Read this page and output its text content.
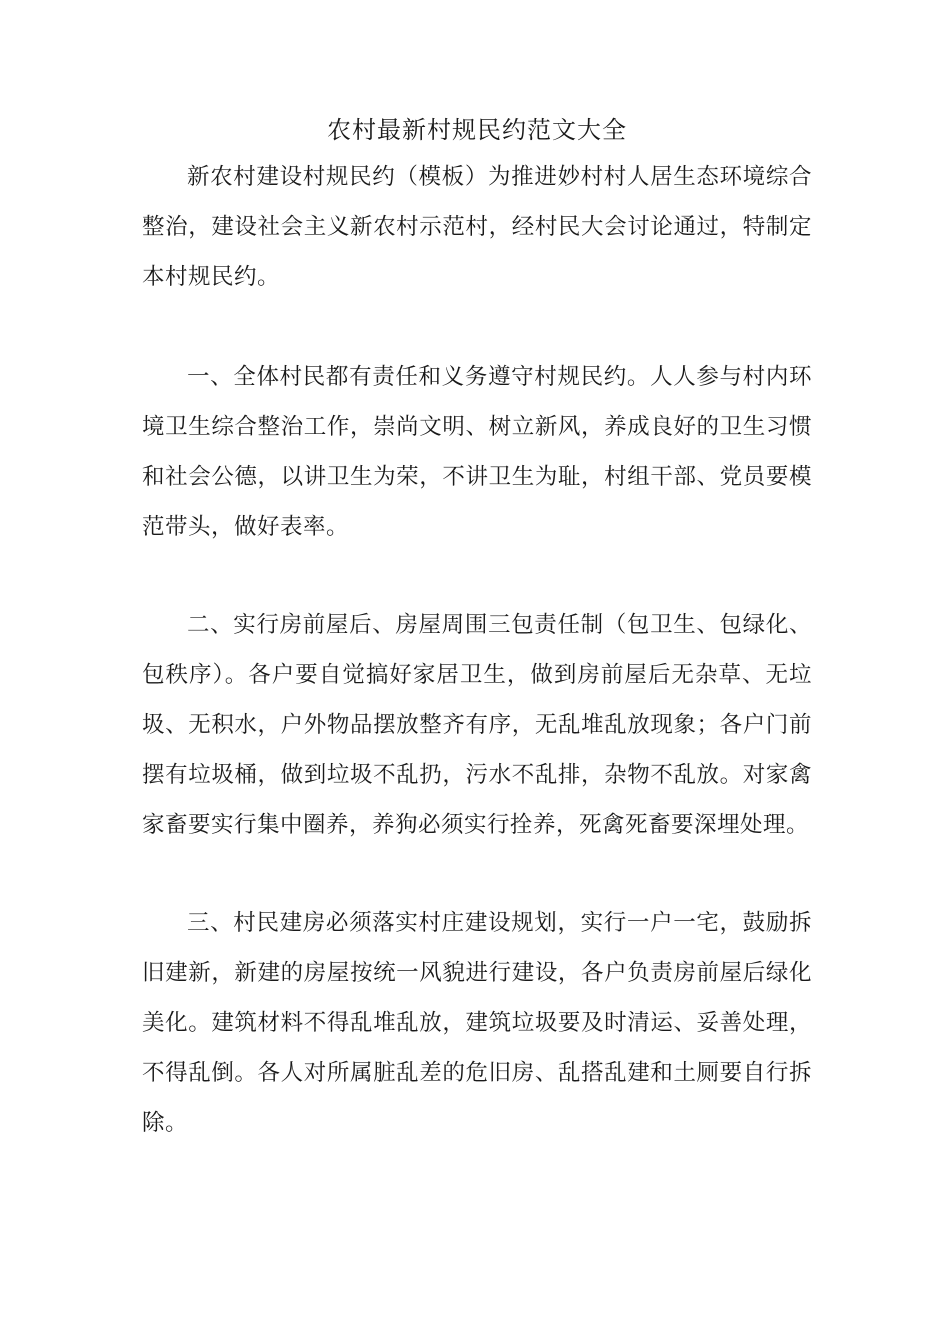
农村最新村规民约范文大全

新农村建设村规民约（模板）为推进妙村村人居生态环境综合整治，建设社会主义新农村示范村，经村民大会讨论通过，特制定本村规民约。

一、全体村民都有责任和义务遵守村规民约。人人参与村内环境卫生综合整治工作，崇尚文明、树立新风，养成良好的卫生习惯和社会公德，以讲卫生为荣，不讲卫生为耻，村组干部、党员要模范带头，做好表率。

二、实行房前屋后、房屋周围三包责任制（包卫生、包绿化、包秩序）。各户要自觉搞好家居卫生，做到房前屋后无杂草、无垃圾、无积水，户外物品摆放整齐有序，无乱堆乱放现象；各户门前摆有垃圾桶，做到垃圾不乱扔，污水不乱排，杂物不乱放。对家禽家畜要实行集中圈养，养狗必须实行拴养，死禽死畜要深埋处理。

三、村民建房必须落实村庄建设规划，实行一户一宅，鼓励拆旧建新，新建的房屋按统一风貌进行建设，各户负责房前屋后绿化美化。建筑材料不得乱堆乱放，建筑垃圾要及时清运、妥善处理，不得乱倒。各人对所属脏乱差的危旧房、乱搭乱建和土厕要自行拆除。
